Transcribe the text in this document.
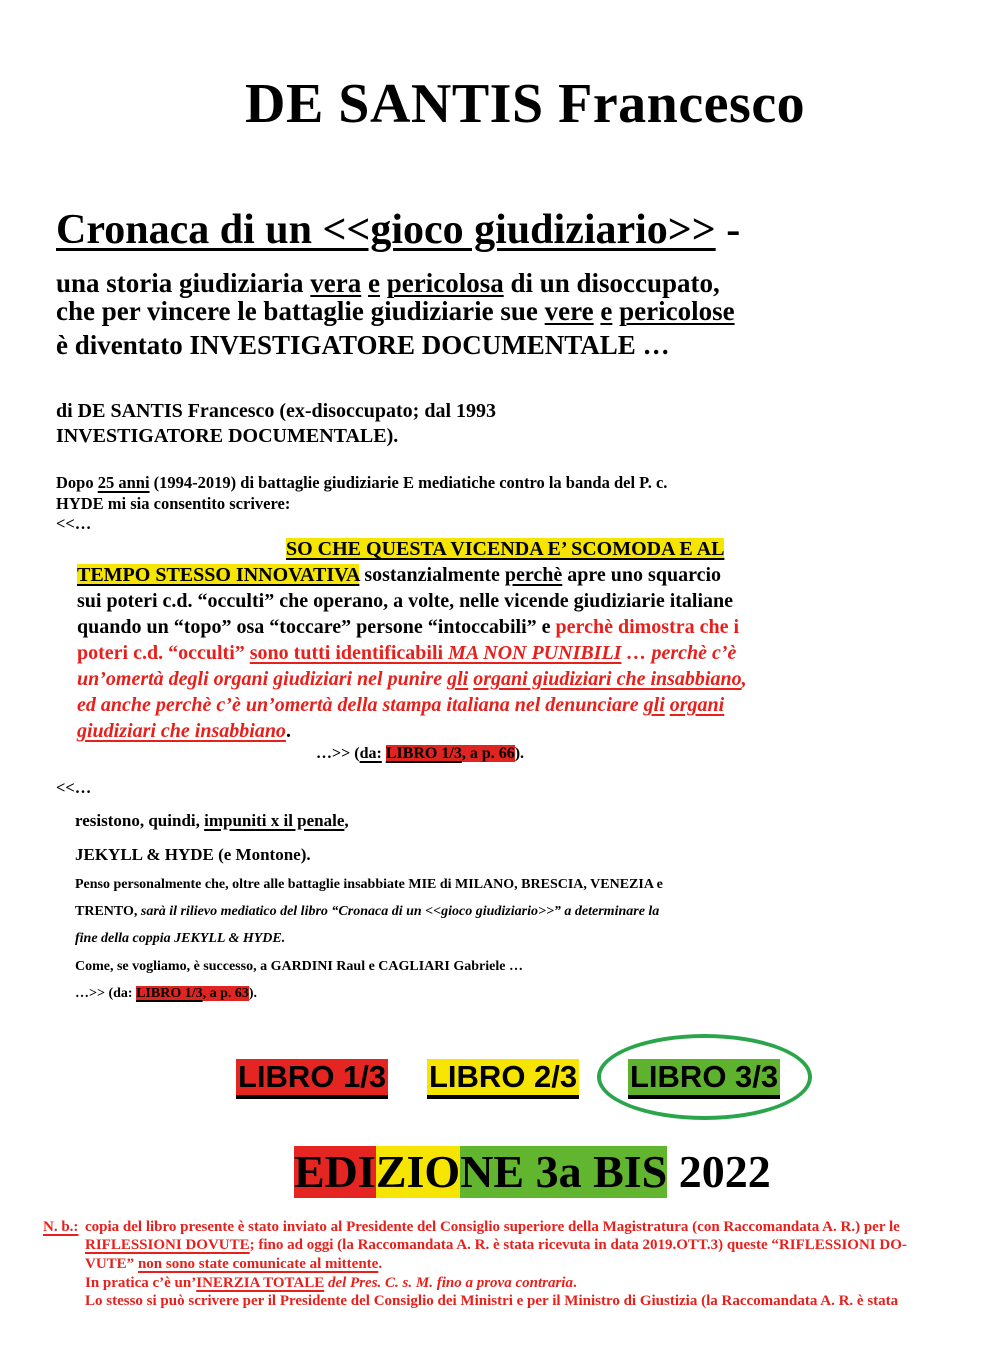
DE SANTIS Francesco
Cronaca di un <<gioco giudiziario>> -
una storia giudiziaria vera e pericolosa di un disoccupato,
che per vincere le battaglie giudiziarie sue vere e pericolose
è diventato INVESTIGATORE DOCUMENTALE …
di DE SANTIS Francesco (ex-disoccupato; dal 1993
INVESTIGATORE DOCUMENTALE).
Dopo 25 anni (1994-2019) di battaglie giudiziarie E mediatiche contro la banda del P. c.
HYDE mi sia consentito scrivere:
<<…
SO CHE QUESTA VICENDA E’ SCOMODA E AL
TEMPO STESSO INNOVATIVA sostanzialmente perchè apre uno squarcio
sui poteri c.d. “occulti” che operano, a volte, nelle vicende giudiziarie italiane
quando un “topo” osa “toccare” persone “intoccabili” e perchè dimostra che i
poteri c.d. “occulti” sono tutti identificabili MA NON PUNIBILI … perchè c’è
un’omertà degli organi giudiziari nel punire gli organi giudiziari che insabbiano,
ed anche perchè c’è un’omertà della stampa italiana nel denunciare gli organi
giudiziari che insabbiano.
…>> (da: LIBRO 1/3, a p. 66).
<<…
resistono, quindi, impuniti x il penale,
JEKYLL & HYDE (e Montone).
Penso personalmente che, oltre alle battaglie insabbiate MIE di MILANO, BRESCIA, VENEZIA e
TRENTO, sarà il rilievo mediatico del libro “Cronaca di un <<gioco giudiziario>>” a determinare la
fine della coppia JEKYLL & HYDE.
Come, se vogliamo, è successo, a GARDINI Raul e CAGLIARI Gabriele …
…>> (da: LIBRO 1/3, a p. 63).
LIBRO 1/3 LIBRO 2/3 LIBRO 3/3
EDIZIONE 3a BIS 2022
N. b.: copia del libro presente è stato inviato al Presidente del Consiglio superiore della Magistratura (con Raccomandata A. R.) per le
RIFLESSIONI DOVUTE; fino ad oggi (la Raccomandata A. R. è stata ricevuta in data 2019.OTT.3) queste “RIFLESSIONI DO-
VUTE” non sono state comunicate al mittente.
In pratica c’è un’INERZIA TOTALE del Pres. C. s. M. fino a prova contraria.
Lo stesso si può scrivere per il Presidente del Consiglio dei Ministri e per il Ministro di Giustizia (la Raccomandata A. R. è stata
